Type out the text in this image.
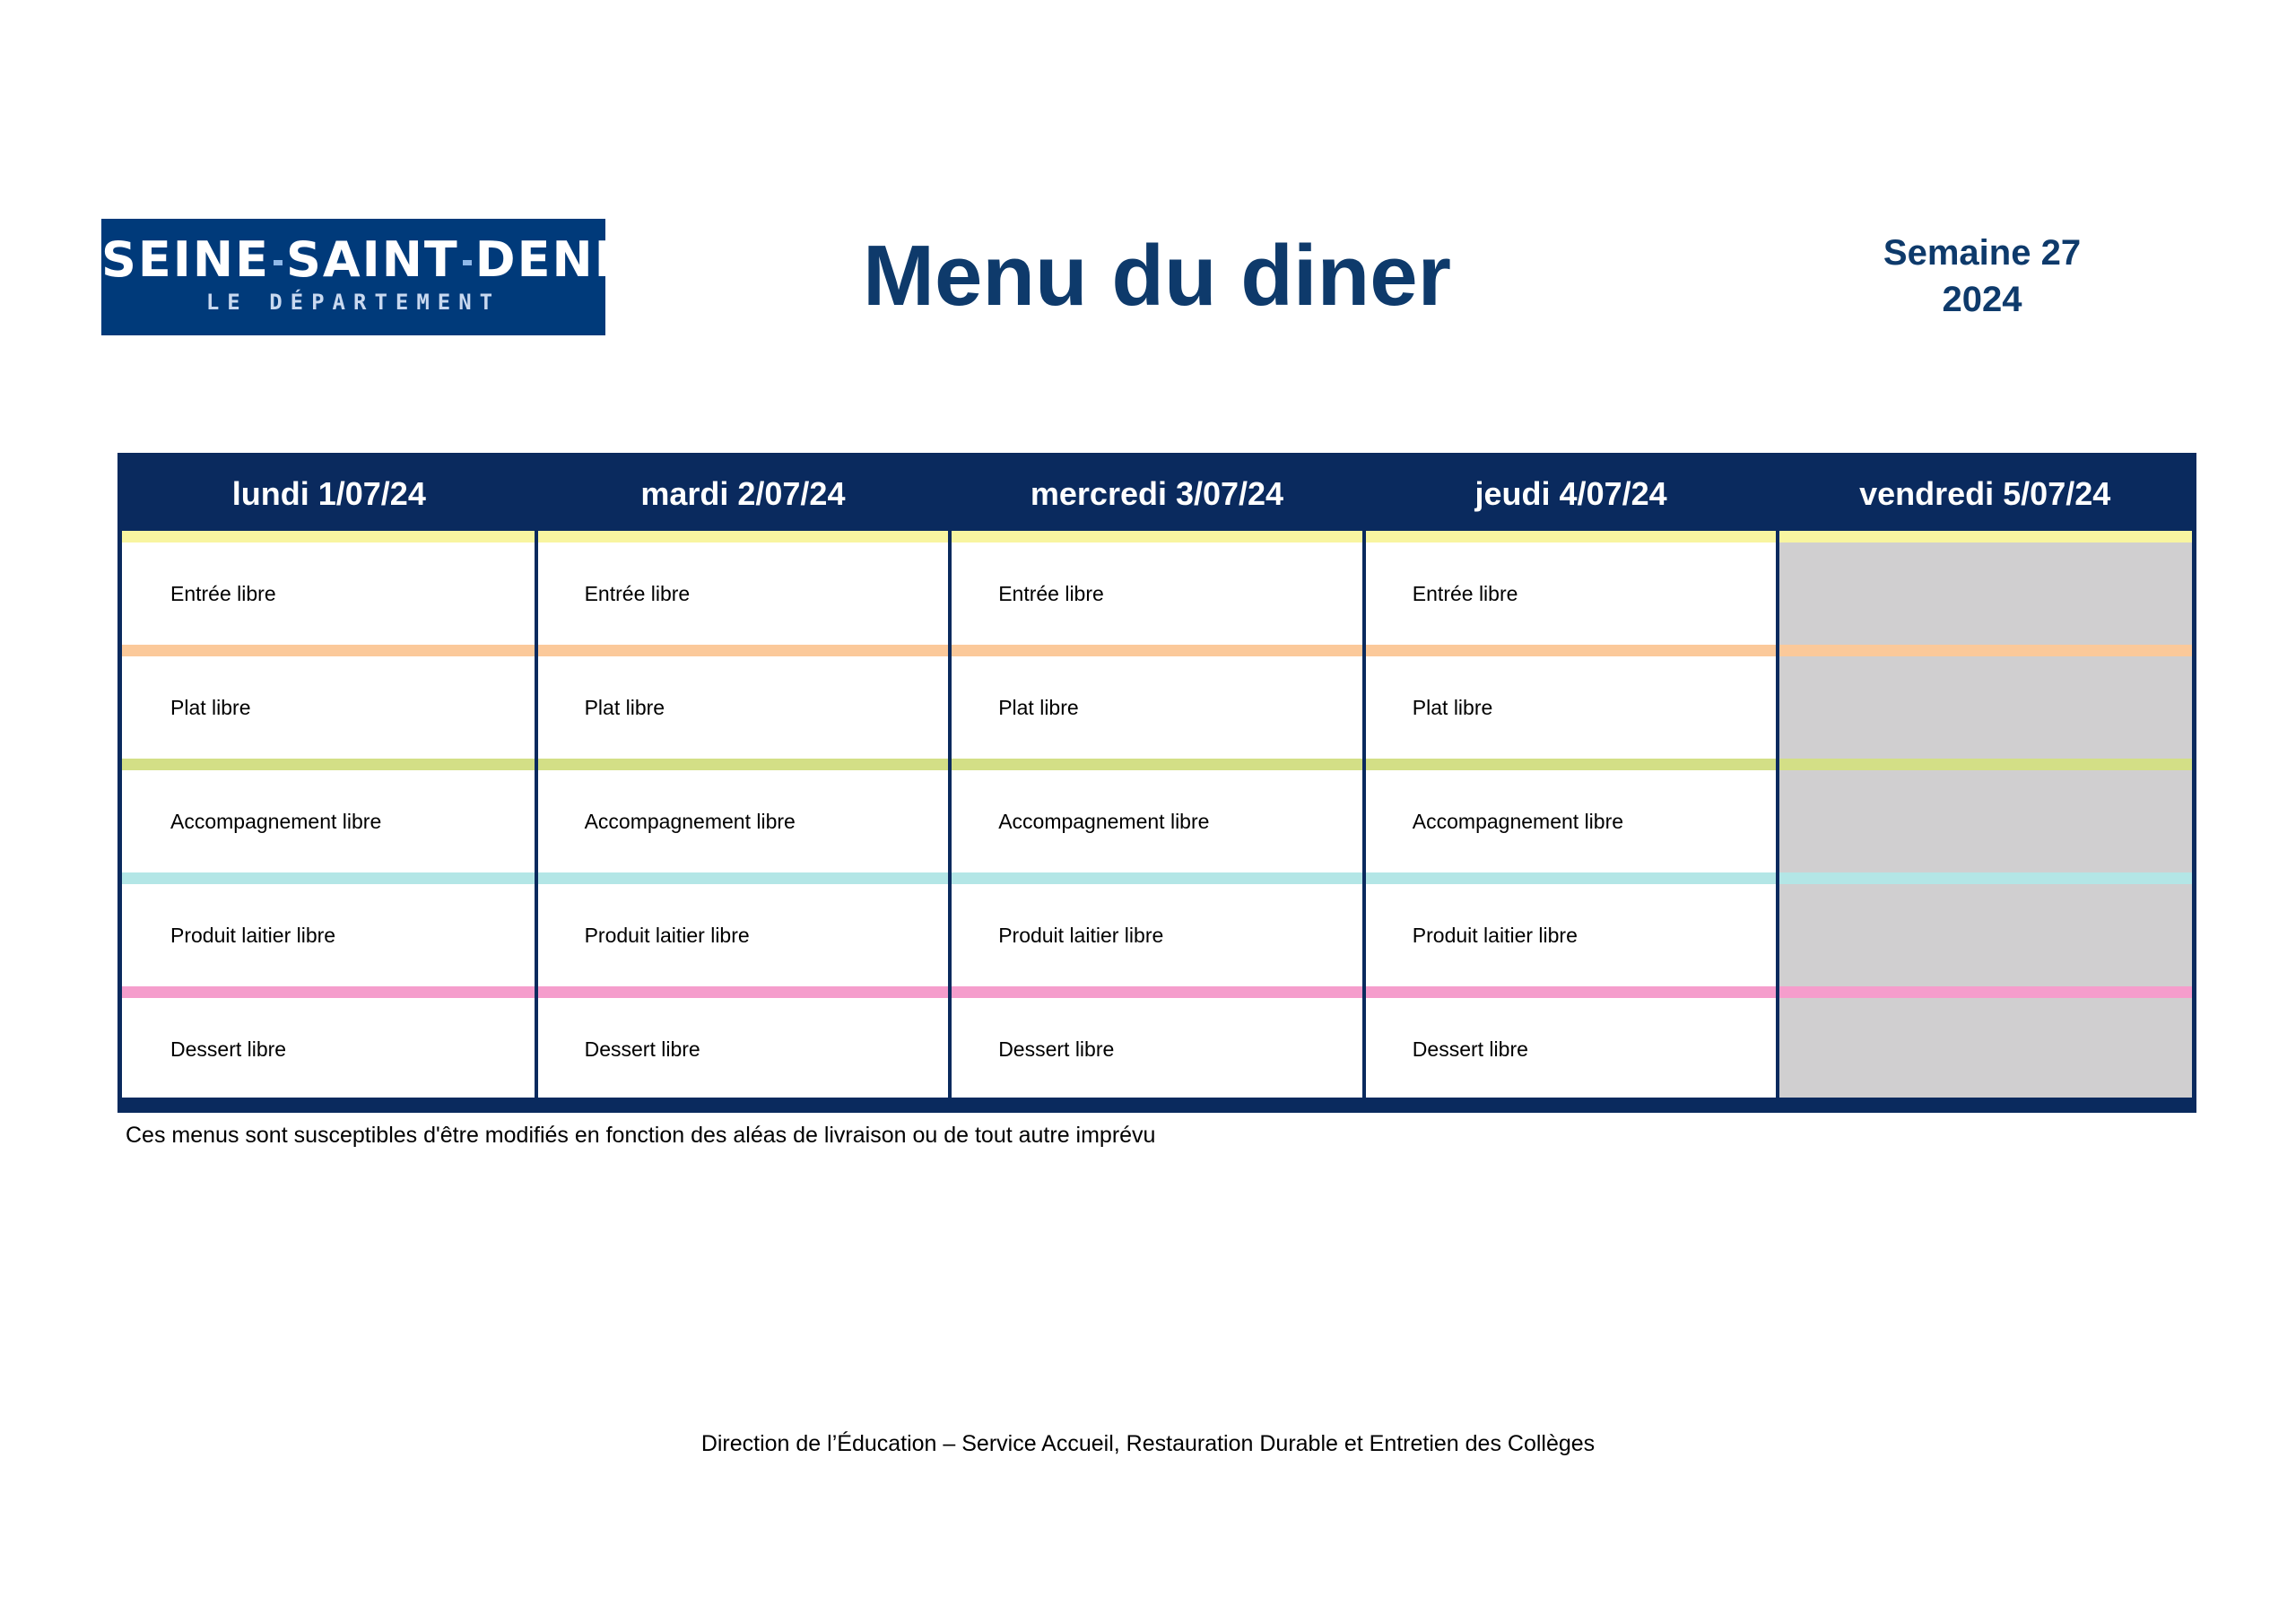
SEINE SAINT DENIS
LE DÉPARTEMENT	Menu du diner	Semaine 27
2024
lundi 1/07/24	mardi 2/07/24	mercredi 3/07/24	jeudi 4/07/24	vendredi 5/07/24
Entrée libre	Entrée libre	Entrée libre	Entrée libre
Plat libre	Plat libre	Plat libre	Plat libre
Accompagnement libre	Accompagnement libre	Accompagnement libre	Accompagnement libre
Produit laitier libre	Produit laitier libre	Produit laitier libre	Produit laitier libre
Dessert libre	Dessert libre	Dessert libre	Dessert libre
Ces menus sont susceptibles d'être modifiés en fonction des aléas de livraison ou de tout autre imprévu
Direction de l’Éducation – Service Accueil, Restauration Durable et Entretien des Collèges
